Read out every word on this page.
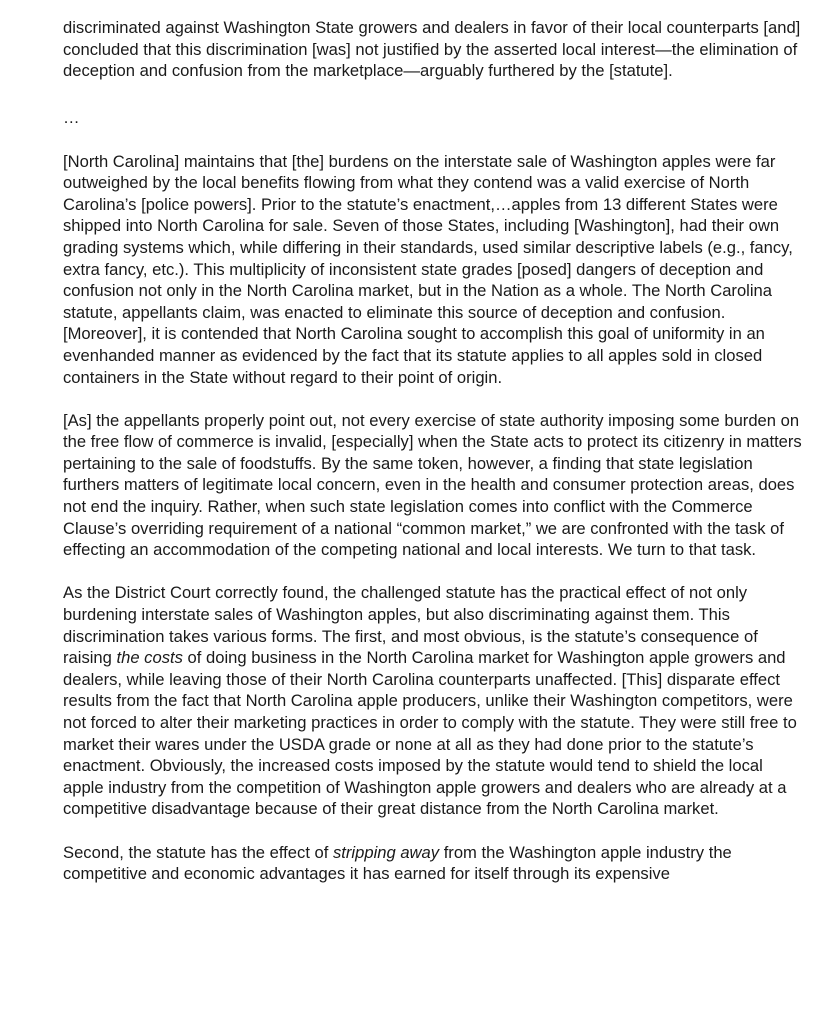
discriminated against Washington State growers and dealers in favor of their local counterparts [and] concluded that this discrimination [was] not justified by the asserted local interest—the elimination of deception and confusion from the marketplace—arguably furthered by the [statute].

…

[North Carolina] maintains that [the] burdens on the interstate sale of Washington apples were far outweighed by the local benefits flowing from what they contend was a valid exercise of North Carolina’s [police powers]. Prior to the statute’s enactment,…apples from 13 different States were shipped into North Carolina for sale. Seven of those States, including [Washington], had their own grading systems which, while differing in their standards, used similar descriptive labels (e.g., fancy, extra fancy, etc.). This multiplicity of inconsistent state grades [posed] dangers of deception and confusion not only in the North Carolina market, but in the Nation as a whole. The North Carolina statute, appellants claim, was enacted to eliminate this source of deception and confusion. [Moreover], it is contended that North Carolina sought to accomplish this goal of uniformity in an evenhanded manner as evidenced by the fact that its statute applies to all apples sold in closed containers in the State without regard to their point of origin.

[As] the appellants properly point out, not every exercise of state authority imposing some burden on the free flow of commerce is invalid, [especially] when the State acts to protect its citizenry in matters pertaining to the sale of foodstuffs. By the same token, however, a finding that state legislation furthers matters of legitimate local concern, even in the health and consumer protection areas, does not end the inquiry. Rather, when such state legislation comes into conflict with the Commerce Clause’s overriding requirement of a national “common market,” we are confronted with the task of effecting an accommodation of the competing national and local interests. We turn to that task.

As the District Court correctly found, the challenged statute has the practical effect of not only burdening interstate sales of Washington apples, but also discriminating against them. This discrimination takes various forms. The first, and most obvious, is the statute’s consequence of raising the costs of doing business in the North Carolina market for Washington apple growers and dealers, while leaving those of their North Carolina counterparts unaffected. [This] disparate effect results from the fact that North Carolina apple producers, unlike their Washington competitors, were not forced to alter their marketing practices in order to comply with the statute. They were still free to market their wares under the USDA grade or none at all as they had done prior to the statute’s enactment. Obviously, the increased costs imposed by the statute would tend to shield the local apple industry from the competition of Washington apple growers and dealers who are already at a competitive disadvantage because of their great distance from the North Carolina market.

Second, the statute has the effect of stripping away from the Washington apple industry the competitive and economic advantages it has earned for itself through its expensive
